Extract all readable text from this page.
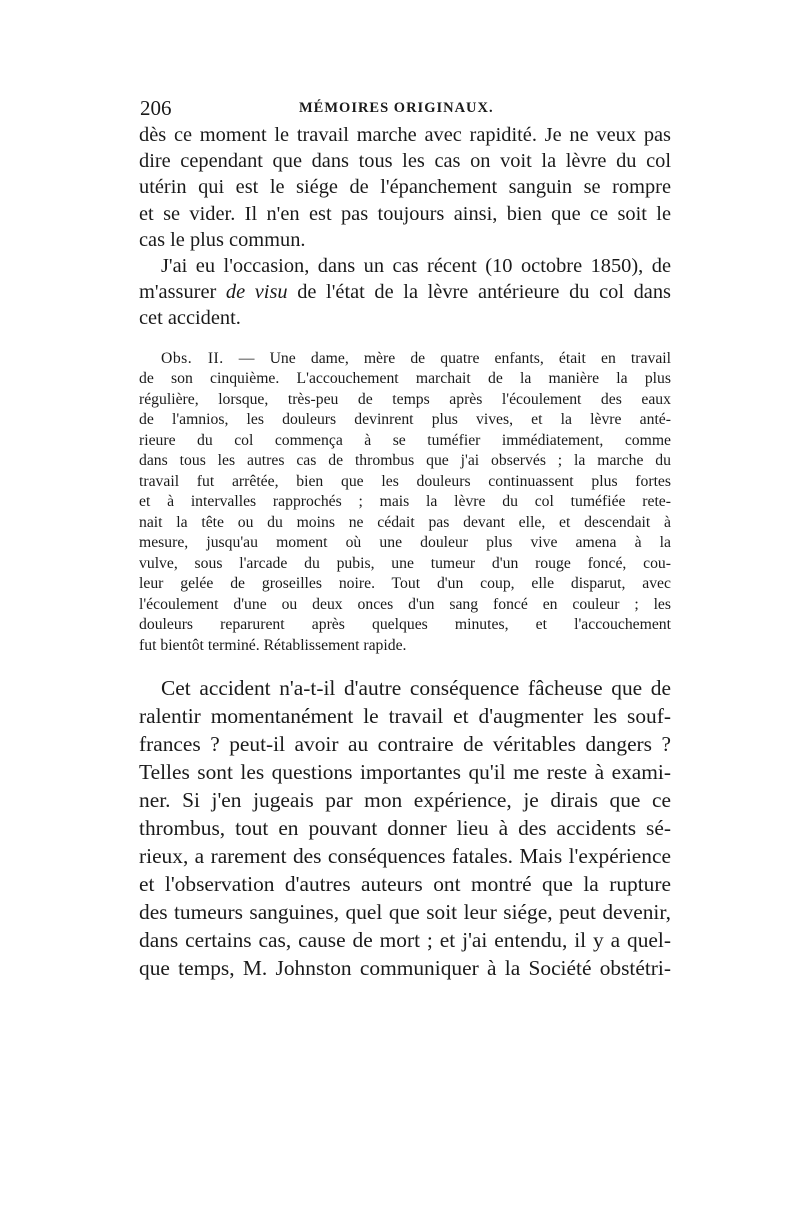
206	MÉMOIRES ORIGINAUX.
dès ce moment le travail marche avec rapidité. Je ne veux pas
dire cependant que dans tous les cas on voit la lèvre du col
utérin qui est le siége de l'épanchement sanguin se rompre
et se vider. Il n'en est pas toujours ainsi, bien que ce soit le
cas le plus commun.
J'ai eu l'occasion, dans un cas récent (10 octobre 1850), de
m'assurer de visu de l'état de la lèvre antérieure du col dans
cet accident.
Obs. II. — Une dame, mère de quatre enfants, était en travail
de son cinquième. L'accouchement marchait de la manière la plus
régulière, lorsque, très-peu de temps après l'écoulement des eaux
de l'amnios, les douleurs devinrent plus vives, et la lèvre anté-
rieure du col commença à se tuméfier immédiatement, comme
dans tous les autres cas de thrombus que j'ai observés ; la marche du
travail fut arrêtée, bien que les douleurs continuassent plus fortes
et à intervalles rapprochés ; mais la lèvre du col tuméfiée rete-
nait la tête ou du moins ne cédait pas devant elle, et descendait à
mesure, jusqu'au moment où une douleur plus vive amena à la
vulve, sous l'arcade du pubis, une tumeur d'un rouge foncé, cou-
leur gelée de groseilles noire. Tout d'un coup, elle disparut, avec
l'écoulement d'une ou deux onces d'un sang foncé en couleur ; les
douleurs reparurent après quelques minutes, et l'accouchement
fut bientôt terminé. Rétablissement rapide.
Cet accident n'a-t-il d'autre conséquence fâcheuse que de
ralentir momentanément le travail et d'augmenter les souf-
frances ? peut-il avoir au contraire de véritables dangers ?
Telles sont les questions importantes qu'il me reste à exami-
ner. Si j'en jugeais par mon expérience, je dirais que ce
thrombus, tout en pouvant donner lieu à des accidents sé-
rieux, a rarement des conséquences fatales. Mais l'expérience
et l'observation d'autres auteurs ont montré que la rupture
des tumeurs sanguines, quel que soit leur siége, peut devenir,
dans certains cas, cause de mort ; et j'ai entendu, il y a quel-
que temps, M. Johnston communiquer à la Société obstétri-
